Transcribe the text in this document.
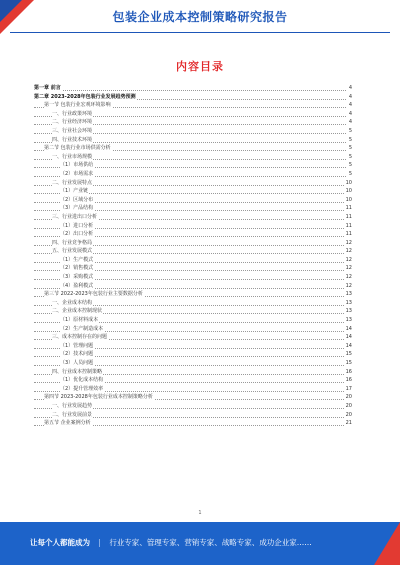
包装企业成本控制策略研究报告
内容目录
第一章 前言	4
第二章 2023-2028年包装行业发展趋势预测	4
第一节 包装行业宏观环境影响	4
一、行业政策环境	4
二、行业经济环境	4
三、行业社会环境	5
四、行业技术环境	5
第二节 包装行业市场供需分析	5
一、行业市场规模	5
（1）市场供给	5
（2）市场需求	5
二、行业发展特点	10
（1）产业链	10
（2）区域分布	10
（3）产品结构	11
三、行业进出口分析	11
（1）进口分析	11
（2）出口分析	11
四、行业竞争格局	12
五、行业发展模式	12
（1）生产模式	12
（2）销售模式	12
（3）采购模式	12
（4）盈利模式	12
第三节 2022-2023年包装行业主要数据分析	13
一、企业成本结构	13
二、企业成本控制现状	13
（1）原材料成本	13
（2）生产制造成本	14
三、成本控制存在的问题	14
（1）管理问题	14
（2）技术问题	15
（3）人员问题	15
四、行业成本控制策略	16
（1）优化成本结构	16
（2）提升管理效率	17
第四节 2023-2028年包装行业成本控制策略分析	20
一、行业发展趋势	20
二、行业发展前景	20
第五节 企业案例分析	21
1
让每个人都能成为 | 行业专家、管理专家、营销专家、战略专家、成功企业家……
